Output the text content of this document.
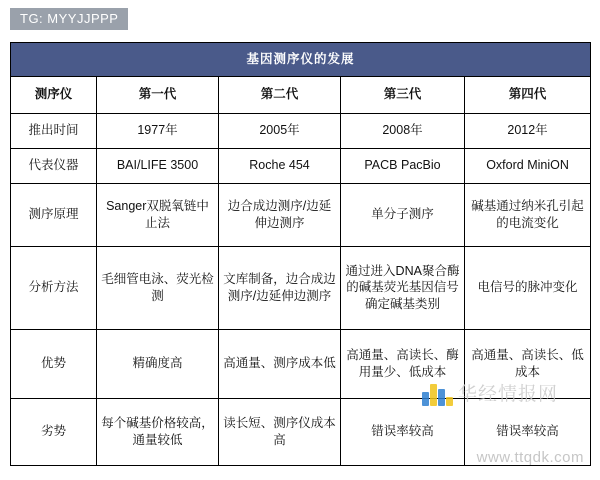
TG: MYYJJPPP
基因测序仪的发展				
测序仪	第一代	第二代	第三代	第四代
推出时间	1977年	2005年	2008年	2012年
代表仪器	BAI/LIFE 3500	Roche 454	PACB PacBio	Oxford MiniON
测序原理	Sanger双脱氧链中止法	边合成边测序/边延伸边测序	单分子测序	碱基通过纳米孔引起的电流变化
分析方法	毛细管电泳、荧光检测	文库制备，边合成边测序/边延伸边测序	通过进入DNA聚合酶的碱基荧光基因信号确定碱基类别	电信号的脉冲变化
优势	精确度高	高通量、测序成本低	高通量、高读长、酶用量少、低成本	高通量、高读长、低成本
劣势	每个碱基价格较高，通量较低	读长短、测序仪成本高	错误率较高	错误率较高
华经情报网
www.ttqdk.com
